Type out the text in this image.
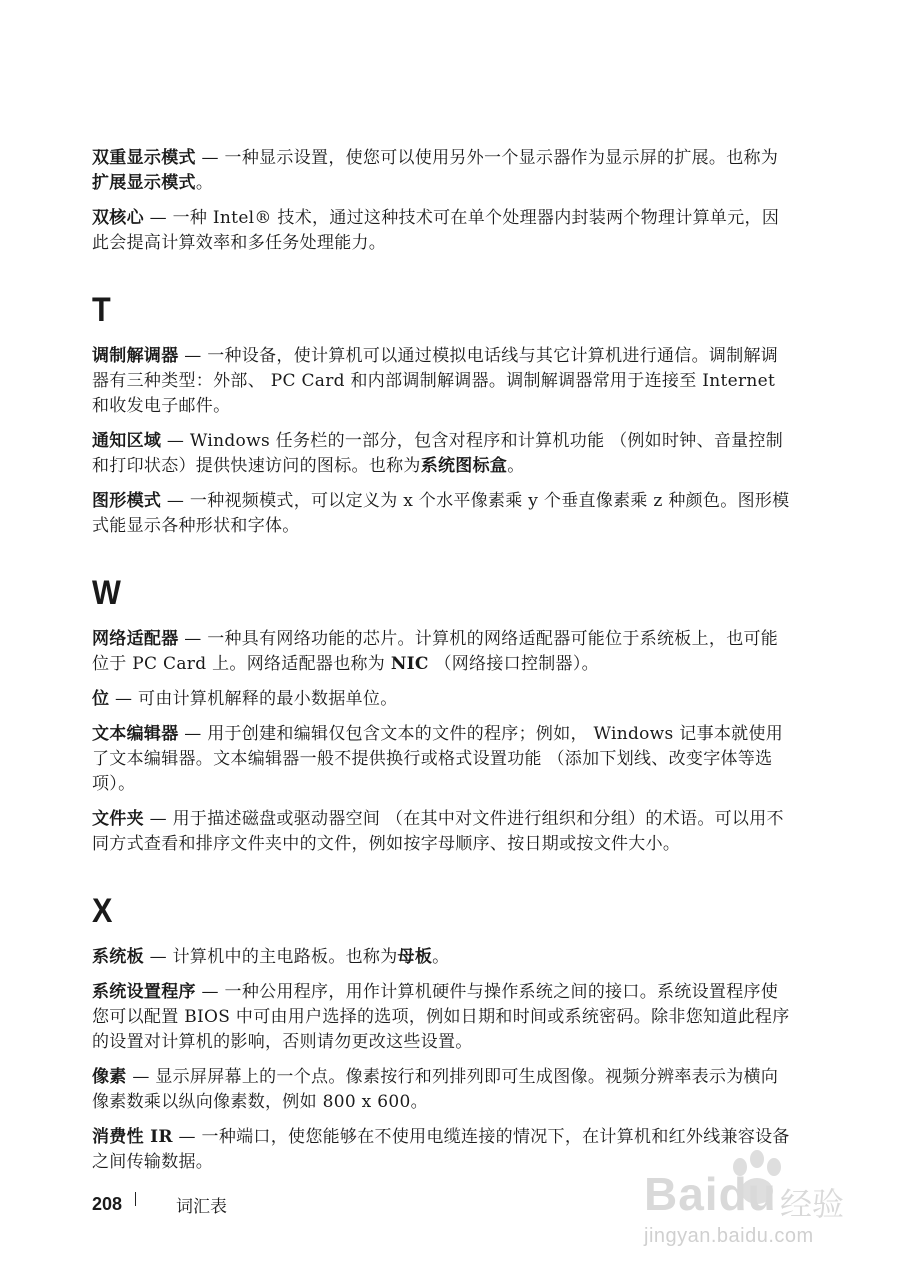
双重显示模式 — 一种显示设置，使您可以使用另外一个显示器作为显示屏的扩展。也称为扩展显示模式。

双核心 — 一种 Intel® 技术，通过这种技术可在单个处理器内封装两个物理计算单元，因此会提高计算效率和多任务处理能力。

T

调制解调器 — 一种设备，使计算机可以通过模拟电话线与其它计算机进行通信。调制解调器有三种类型：外部、 PC Card 和内部调制解调器。调制解调器常用于连接至 Internet 和收发电子邮件。

通知区域 — Windows 任务栏的一部分，包含对程序和计算机功能 （例如时钟、音量控制和打印状态）提供快速访问的图标。也称为系统图标盒。

图形模式 — 一种视频模式，可以定义为 x 个水平像素乘 y 个垂直像素乘 z 种颜色。图形模式能显示各种形状和字体。

W

网络适配器 — 一种具有网络功能的芯片。计算机的网络适配器可能位于系统板上，也可能位于 PC Card 上。网络适配器也称为 NIC （网络接口控制器）。

位 — 可由计算机解释的最小数据单位。

文本编辑器 — 用于创建和编辑仅包含文本的文件的程序；例如， Windows 记事本就使用了文本编辑器。文本编辑器一般不提供换行或格式设置功能 （添加下划线、改变字体等选项）。

文件夹 — 用于描述磁盘或驱动器空间 （在其中对文件进行组织和分组）的术语。可以用不同方式查看和排序文件夹中的文件，例如按字母顺序、按日期或按文件大小。

X

系统板 — 计算机中的主电路板。也称为母板。

系统设置程序 — 一种公用程序，用作计算机硬件与操作系统之间的接口。系统设置程序使您可以配置 BIOS 中可由用户选择的选项，例如日期和时间或系统密码。除非您知道此程序的设置对计算机的影响，否则请勿更改这些设置。

像素 — 显示屏屏幕上的一个点。像素按行和列排列即可生成图像。视频分辨率表示为横向像素数乘以纵向像素数，例如 800 x 600。

消费性 IR — 一种端口，使您能够在不使用电缆连接的情况下，在计算机和红外线兼容设备之间传输数据。

208	词汇表	Baidu 经验
jingyan.baidu.com
